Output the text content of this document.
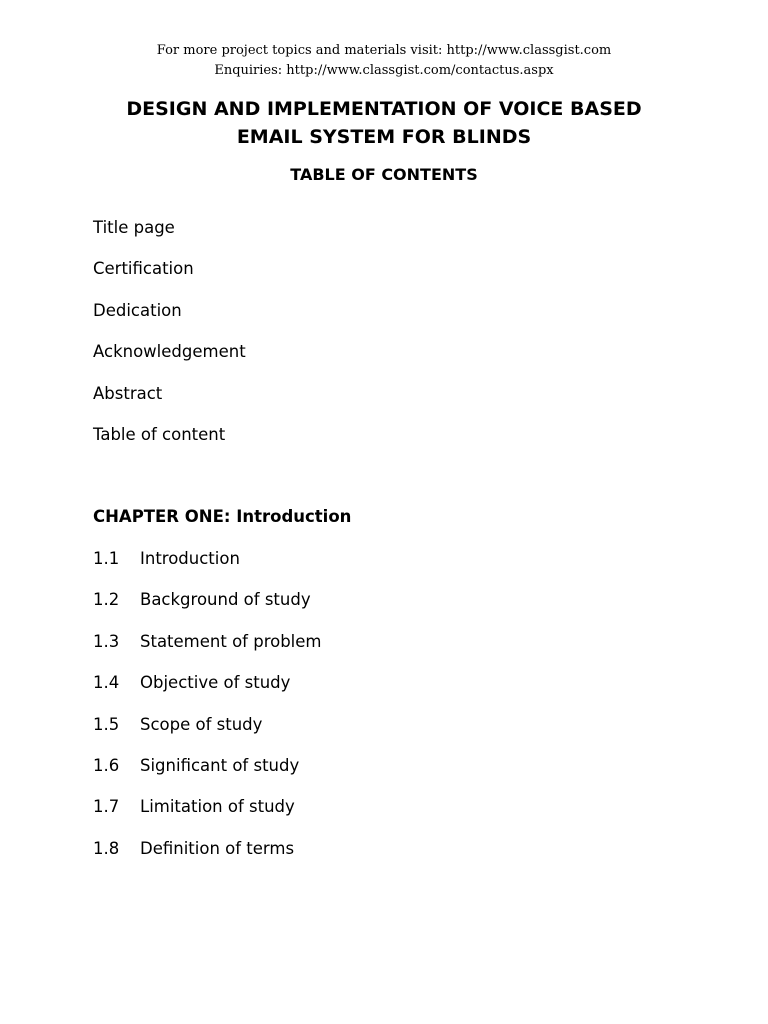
For more project topics and materials visit: http://www.classgist.com
Enquiries: http://www.classgist.com/contactus.aspx
DESIGN AND IMPLEMENTATION OF VOICE BASED
EMAIL SYSTEM FOR BLINDS
TABLE OF CONTENTS
Title page
Certification
Dedication
Acknowledgement
Abstract
Table of content
CHAPTER ONE: Introduction
1.1 Introduction
1.2 Background of study
1.3 Statement of problem
1.4 Objective of study
1.5 Scope of study
1.6 Significant of study
1.7 Limitation of study
1.8 Definition of terms
